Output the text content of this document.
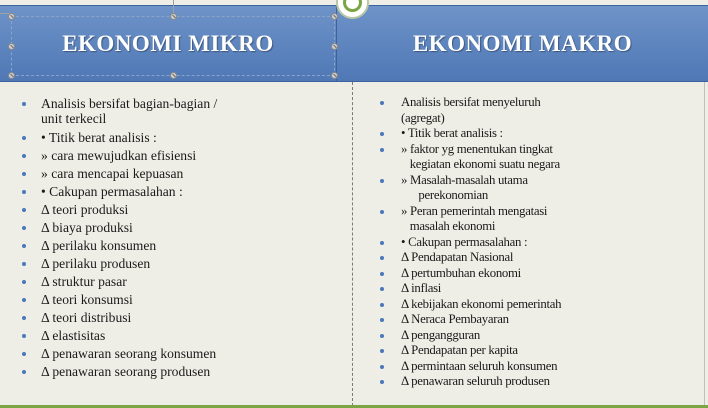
EKONOMI MIKRO	EKONOMI MAKRO
Analisis bersifat bagian-bagian /
unit terkecil
• Titik berat analisis :
» cara mewujudkan efisiensi
» cara mencapai kepuasan
• Cakupan permasalahan :
Δ teori produksi
Δ biaya produksi
Δ perilaku konsumen
Δ perilaku produsen
Δ struktur pasar
Δ teori konsumsi
Δ teori distribusi
Δ elastisitas
Δ penawaran seorang konsumen
Δ penawaran seorang produsen
Analisis bersifat menyeluruh
(agregat)
• Titik berat analisis :
» faktor yg menentukan tingkat
kegiatan ekonomi suatu negara
» Masalah-masalah utama
perekonomian
» Peran pemerintah mengatasi
masalah ekonomi
• Cakupan permasalahan :
Δ Pendapatan Nasional
Δ pertumbuhan ekonomi
Δ inflasi
Δ kebijakan ekonomi pemerintah
Δ Neraca Pembayaran
Δ pengangguran
Δ Pendapatan per kapita
Δ permintaan seluruh konsumen
Δ penawaran seluruh produsen
